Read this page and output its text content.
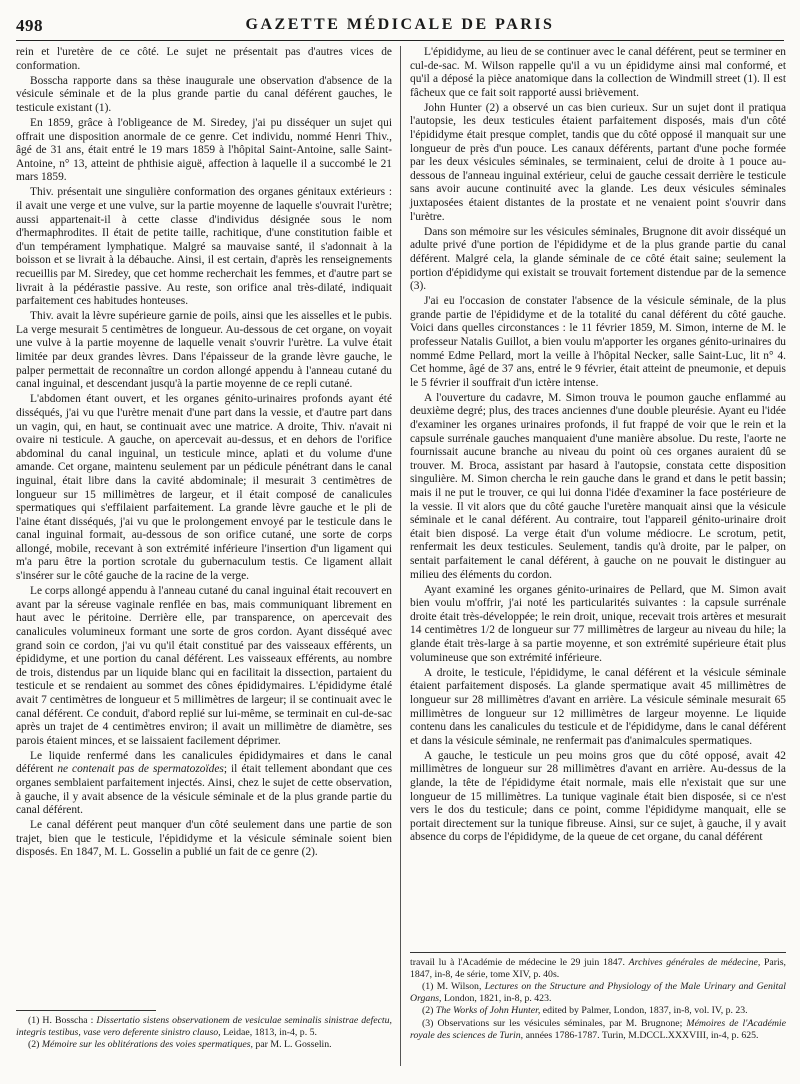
498	GAZETTE MÉDICALE DE PARIS

rein et l'uretère de ce côté. Le sujet ne présentait pas d'autres vices de conformation.

Bosscha rapporte dans sa thèse inaugurale une observation d'absence de la vésicule séminale et de la plus grande partie du canal déférent gauches, le testicule existant (1).

En 1859, grâce à l'obligeance de M. Siredey, j'ai pu disséquer un sujet qui offrait une disposition anormale de ce genre. Cet individu, nommé Henri Thiv., âgé de 31 ans, était entré le 19 mars 1859 à l'hôpital Saint-Antoine, salle Saint-Antoine, n° 13, atteint de phthisie aiguë, affection à laquelle il a succombé le 21 mars 1859.

Thiv. présentait une singulière conformation des organes génitaux extérieurs : il avait une verge et une vulve, sur la partie moyenne de laquelle s'ouvrait l'urètre; aussi appartenait-il à cette classe d'individus désignée sous le nom d'hermaphrodites. Il était de petite taille, rachitique, d'une constitution faible et d'un tempérament lymphatique. Malgré sa mauvaise santé, il s'adonnait à la boisson et se livrait à la débauche. Ainsi, il est certain, d'après les renseignements recueillis par M. Siredey, que cet homme recherchait les femmes, et d'autre part se livrait à la pédérastie passive. Au reste, son orifice anal très-dilaté, indiquait parfaitement ces habitudes honteuses.

Thiv. avait la lèvre supérieure garnie de poils, ainsi que les aisselles et le pubis. La verge mesurait 5 centimètres de longueur. Au-dessous de cet organe, on voyait une vulve à la partie moyenne de laquelle venait s'ouvrir l'urètre. La vulve était limitée par deux grandes lèvres. Dans l'épaisseur de la grande lèvre gauche, le palper permettait de reconnaître un cordon allongé appendu à l'anneau cutané du canal inguinal, et descendant jusqu'à la partie moyenne de ce repli cutané.

L'abdomen étant ouvert, et les organes génito-urinaires profonds ayant été disséqués, j'ai vu que l'urètre menait d'une part dans la vessie, et d'autre part dans un vagin, qui, en haut, se continuait avec une matrice. A droite, Thiv. n'avait ni ovaire ni testicule. A gauche, on apercevait au-dessus, et en dehors de l'orifice abdominal du canal inguinal, un testicule mince, aplati et du volume d'une amande. Cet organe, maintenu seulement par un pédicule pénétrant dans le canal inguinal, était libre dans la cavité abdominale; il mesurait 3 centimètres de longueur sur 15 millimètres de largeur, et il était composé de canalicules spermatiques qui s'effilaient parfaitement. La grande lèvre gauche et le pli de l'aine étant disséqués, j'ai vu que le prolongement envoyé par le testicule dans le canal inguinal formait, au-dessous de son orifice cutané, une sorte de corps allongé, mobile, recevant à son extrémité inférieure l'insertion d'un ligament qui m'a paru être la portion scrotale du gubernaculum testis. Ce ligament allait s'insérer sur le côté gauche de la racine de la verge.

Le corps allongé appendu à l'anneau cutané du canal inguinal était recouvert en avant par la séreuse vaginale renflée en bas, mais communiquant librement en haut avec le péritoine. Derrière elle, par transparence, on apercevait des canalicules volumineux formant une sorte de gros cordon. Ayant disséqué avec grand soin ce cordon, j'ai vu qu'il était constitué par des vaisseaux efférents, un épididyme, et une portion du canal déférent. Les vaisseaux efférents, au nombre de trois, distendus par un liquide blanc qui en facilitait la dissection, partaient du testicule et se rendaient au sommet des cônes épididymaires. L'épididyme étalé avait 7 centimètres de longueur et 5 millimètres de largeur; il se continuait avec le canal déférent. Ce conduit, d'abord replié sur lui-même, se terminait en cul-de-sac après un trajet de 4 centimètres environ; il avait un millimètre de diamètre, ses parois étaient minces, et se laissaient facilement déprimer.

Le liquide renfermé dans les canalicules épididymaires et dans le canal déférent ne contenait pas de spermatozoïdes; il était tellement abondant que ces organes semblaient parfaitement injectés. Ainsi, chez le sujet de cette observation, à gauche, il y avait absence de la vésicule séminale et de la plus grande partie du canal déférent.

Le canal déférent peut manquer d'un côté seulement dans une partie de son trajet, bien que le testicule, l'épididyme et la vésicule séminale soient bien disposés. En 1847, M. L. Gosselin a publié un fait de ce genre (2).

L'épididyme, au lieu de se continuer avec le canal déférent, peut se terminer en cul-de-sac. M. Wilson rappelle qu'il a vu un épididyme ainsi mal conformé, et qu'il a déposé la pièce anatomique dans la collection de Windmill street (1). Il est fâcheux que ce fait soit rapporté aussi brièvement.

John Hunter (2) a observé un cas bien curieux. Sur un sujet dont il pratiqua l'autopsie, les deux testicules étaient parfaitement disposés, mais d'un côté l'épididyme était presque complet, tandis que du côté opposé il manquait sur une longueur de près d'un pouce. Les canaux déférents, partant d'une poche formée par les deux vésicules séminales, se terminaient, celui de droite à 1 pouce au-dessous de l'anneau inguinal extérieur, celui de gauche cessait derrière le testicule sans avoir aucune continuité avec la glande. Les deux vésicules séminales juxtaposées étaient distantes de la prostate et ne venaient point s'ouvrir dans l'urètre.

Dans son mémoire sur les vésicules séminales, Brugnone dit avoir disséqué un adulte privé d'une portion de l'épididyme et de la plus grande partie du canal déférent. Malgré cela, la glande séminale de ce côté était saine; seulement la portion d'épididyme qui existait se trouvait fortement distendue par de la semence (3).

J'ai eu l'occasion de constater l'absence de la vésicule séminale, de la plus grande partie de l'épididyme et de la totalité du canal déférent du côté gauche. Voici dans quelles circonstances : le 11 février 1859, M. Simon, interne de M. le professeur Natalis Guillot, a bien voulu m'apporter les organes génito-urinaires du nommé Edme Pellard, mort la veille à l'hôpital Necker, salle Saint-Luc, lit n° 4. Cet homme, âgé de 37 ans, entré le 9 février, était atteint de pneumonie, et depuis le 5 février il souffrait d'un ictère intense.

A l'ouverture du cadavre, M. Simon trouva le poumon gauche enflammé au deuxième degré; plus, des traces anciennes d'une double pleurésie. Ayant eu l'idée d'examiner les organes urinaires profonds, il fut frappé de voir que le rein et la capsule surrénale gauches manquaient d'une manière absolue. Du reste, l'aorte ne fournissait aucune branche au niveau du point où ces organes auraient dû se trouver. M. Broca, assistant par hasard à l'autopsie, constata cette disposition singulière. M. Simon chercha le rein gauche dans le grand et dans le petit bassin; mais il ne put le trouver, ce qui lui donna l'idée d'examiner la face postérieure de la vessie. Il vit alors que du côté gauche l'uretère manquait ainsi que la vésicule séminale et le canal déférent. Au contraire, tout l'appareil génito-urinaire droit était bien disposé. La verge était d'un volume médiocre. Le scrotum, petit, renfermait les deux testicules. Seulement, tandis qu'à droite, par le palper, on sentait parfaitement le canal déférent, à gauche on ne pouvait le distinguer au milieu des éléments du cordon.

Ayant examiné les organes génito-urinaires de Pellard, que M. Simon avait bien voulu m'offrir, j'ai noté les particularités suivantes : la capsule surrénale droite était très-développée; le rein droit, unique, recevait trois artères et mesurait 14 centimètres 1/2 de longueur sur 77 millimètres de largeur au niveau du hile; la glande était très-large à sa partie moyenne, et son extrémité supérieure était plus volumineuse que son extrémité inférieure.

A droite, le testicule, l'épididyme, le canal déférent et la vésicule séminale étaient parfaitement disposés. La glande spermatique avait 45 millimètres de longueur sur 28 millimètres d'avant en arrière. La vésicule séminale mesurait 65 millimètres de longueur sur 12 millimètres de largeur moyenne. Le liquide contenu dans les canalicules du testicule et de l'épididyme, dans le canal déférent et dans la vésicule séminale, ne renfermait pas d'animalcules spermatiques.

A gauche, le testicule un peu moins gros que du côté opposé, avait 42 millimètres de longueur sur 28 millimètres d'avant en arrière. Au-dessus de la glande, la tête de l'épididyme était normale, mais elle n'existait que sur une longueur de 15 millimètres. La tunique vaginale était bien disposée, si ce n'est vers le dos du testicule; dans ce point, comme l'épididyme manquait, elle se portait directement sur la tunique fibreuse. Ainsi, sur ce sujet, à gauche, il y avait absence du corps de l'épididyme, de la queue de cet organe, du canal déférent

travail lu à l'Académie de médecine le 29 juin 1847. Archives générales de médecine, Paris, 1847, in-8, 4e série, tome XIV, p. 40s.

(1) M. Wilson, Lectures on the Structure and Physiology of the Male Urinary and Genital Organs, London, 1821, in-8, p. 423.

(2) The Works of John Hunter, edited by Palmer, London, 1837, in-8, vol. IV, p. 23.

(3) Observations sur les vésicules séminales, par M. Brugnone; Mémoires de l'Académie royale des sciences de Turin, années 1786-1787. Turin, M.DCCL.XXXVIII, in-4, p. 625.

(1) H. Bosscha : Dissertatio sistens observationem de vesiculae seminalis sinistrae defectu, integris testibus, vase vero deferente sinistro clauso, Leidae, 1813, in-4, p. 5.

(2) Mémoire sur les oblitérations des voies spermatiques, par M. L. Gosselin.
